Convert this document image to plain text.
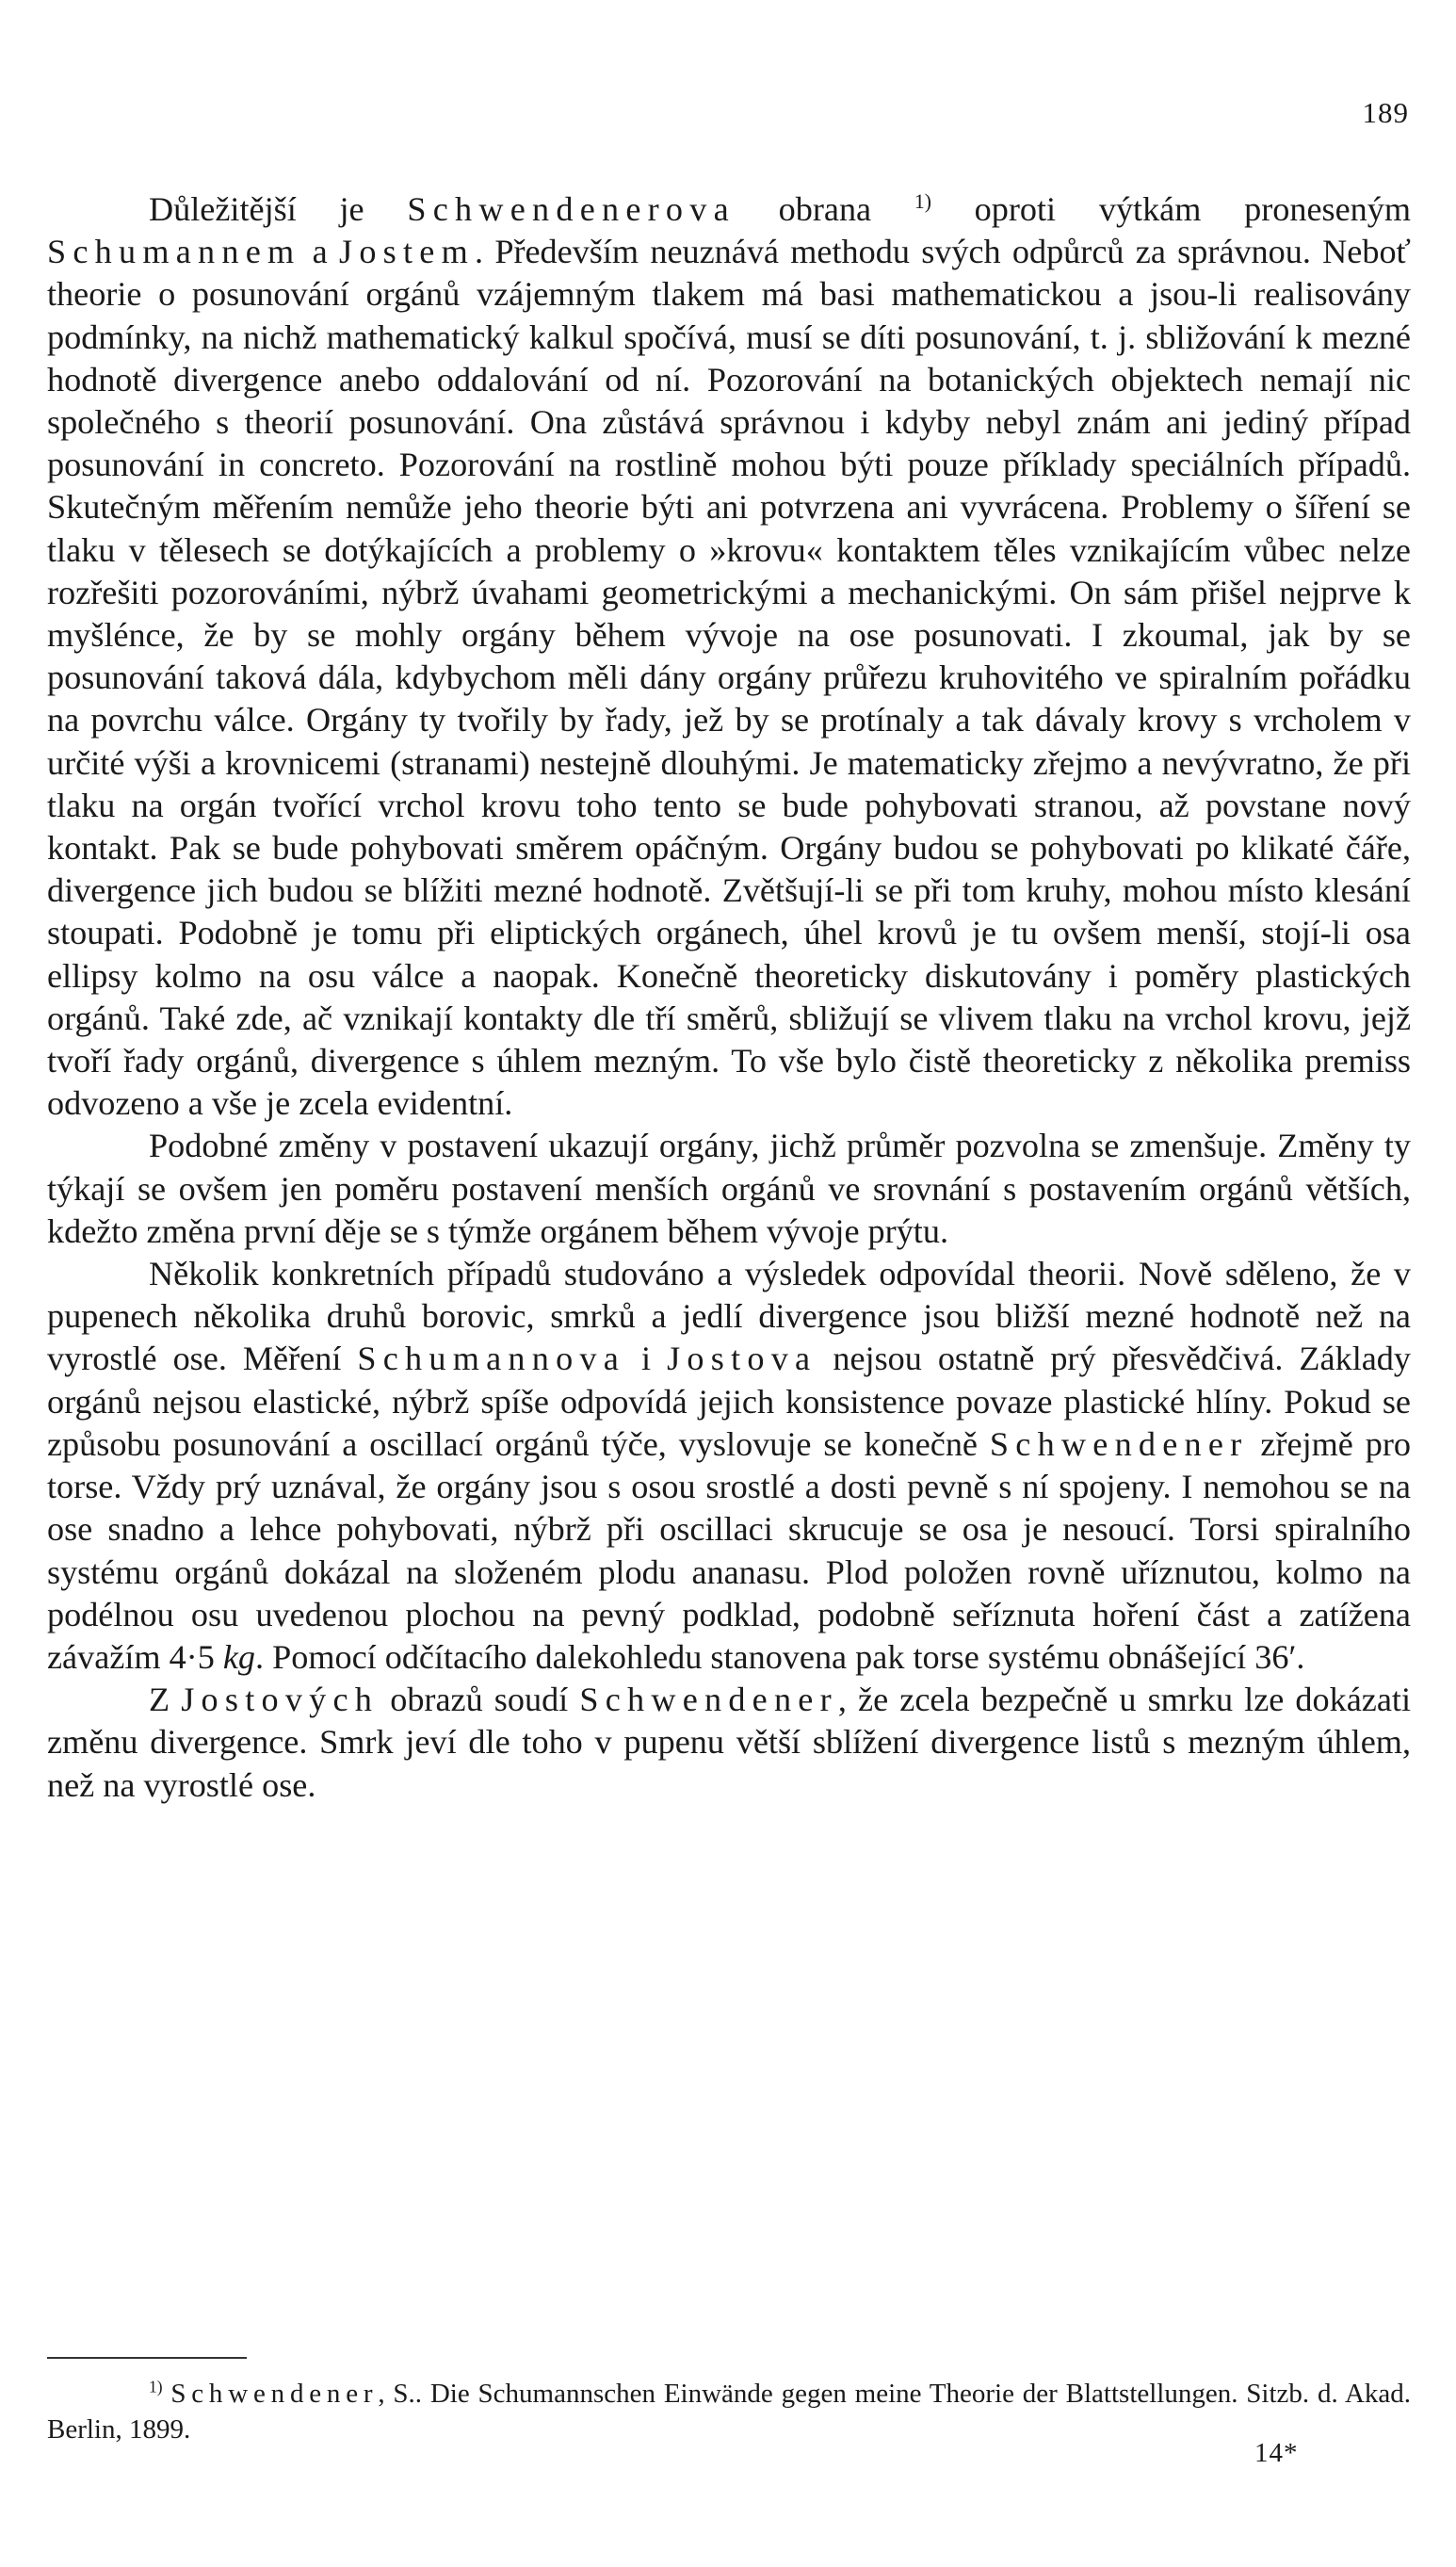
189

Důležitější je Schwendenerova obrana $^{1)}$ oproti výtkám proneseným Schumannem a Jostem. Především neuznává methodu svých odpůrců za správnou. Neboť theorie o posunování orgánů vzájemným tlakem má basi mathematickou a jsou-li realisovány podmínky, na nichž mathematický kalkul spočívá, musí se díti posunování, t. j. sbližování k mezné hodnotě divergence anebo oddalování od ní. Pozorování na botanických objektech nemají nic společného s theorií posunování. Ona zůstává správnou i kdyby nebyl znám ani jediný případ posunování in concreto. Pozorování na rostlině mohou býti pouze příklady speciálních případů. Skutečným měřením nemůže jeho theorie býti ani potvrzena ani vyvrácena. Problemy o šíření se tlaku v tělesech se dotýkajících a problemy o »krovu« kontaktem těles vznikajícím vůbec nelze rozřešiti pozorováními, nýbrž úvahami geometrickými a mechanickými. On sám přišel nejprve k myšlénce, že by se mohly orgány během vývoje na ose posunovati. I zkoumal, jak by se posunování taková dála, kdybychom měli dány orgány průřezu kruhovitého ve spiralním pořádku na povrchu válce. Orgány ty tvořily by řady, jež by se protínaly a tak dávaly krovy s vrcholem v určité výši a krovnicemi (stranami) nestejně dlouhými. Je matematicky zřejmo a nevývratno, že při tlaku na orgán tvořící vrchol krovu toho tento se bude pohybovati stranou, až povstane nový kontakt. Pak se bude pohybovati směrem opáčným. Orgány budou se pohybovati po klikaté čáře, divergence jich budou se blížiti mezné hodnotě. Zvětšují-li se při tom kruhy, mohou místo klesání stoupati. Podobně je tomu při eliptických orgánech, úhel krovů je tu ovšem menší, stojí-li osa ellipsy kolmo na osu válce a naopak. Konečně theoreticky diskutovány i poměry plastických orgánů. Také zde, ač vznikají kontakty dle tří směrů, sbližují se vlivem tlaku na vrchol krovu, jejž tvoří řady orgánů, divergence s úhlem mezným. To vše bylo čistě theoreticky z několika premiss odvozeno a vše je zcela evidentní.

Podobné změny v postavení ukazují orgány, jichž průměr pozvolna se zmenšuje. Změny ty týkají se ovšem jen poměru postavení menších orgánů ve srovnání s postavením orgánů větších, kdežto změna první děje se s týmže orgánem během vývoje prýtu.

Několik konkretních případů studováno a výsledek odpovídal theorii. Nově sděleno, že v pupenech několika druhů borovic, smrků a jedlí divergence jsou bližší mezné hodnotě než na vyrostlé ose. Měření Schumannova i Jostova nejsou ostatně prý přesvědčivá. Základy orgánů nejsou elastické, nýbrž spíše odpovídá jejich konsistence povaze plastické hlíny. Pokud se způsobu posunování a oscillací orgánů týče, vyslovuje se konečně Schwendener zřejmě pro torse. Vždy prý uznával, že orgány jsou s osou srostlé a dosti pevně s ní spojeny. I nemohou se na ose snadno a lehce pohybovati, nýbrž při oscillaci skrucuje se osa je nesoucí. Torsi spiralního systému orgánů dokázal na složeném plodu ananasu. Plod položen rovně uříznutou, kolmo na podélnou osu uvedenou plochou na pevný podklad, podobně seříznuta hoření část a zatížena závažím 4·5 kg. Pomocí odčítacího dalekohledu stanovena pak torse systému obnášející 36′.

Z Jostových obrazů soudí Schwendener, že zcela bezpečně u smrku lze dokázati změnu divergence. Smrk jeví dle toho v pupenu větší sblížení divergence listů s mezným úhlem, než na vyrostlé ose.

$^{1)}$ Schwendener, S.. Die Schumannschen Einwände gegen meine Theorie der Blattstellungen. Sitzb. d. Akad. Berlin, 1899.
14*
